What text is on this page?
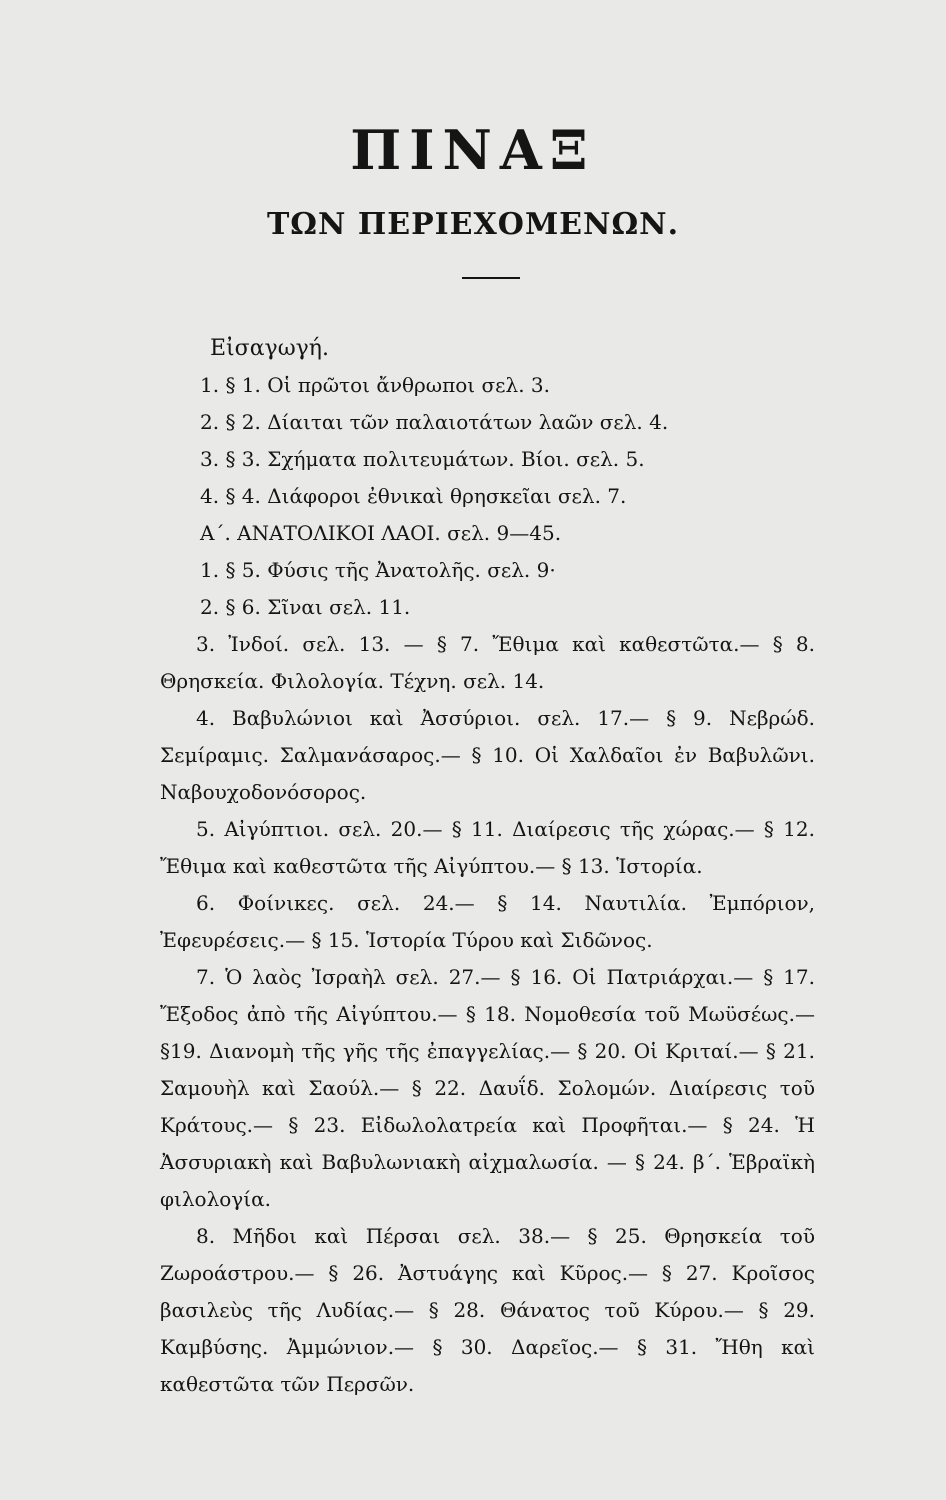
ΠΙΝΑΞ
ΤΩΝ ΠΕΡΙΕΧΟΜΕΝΩΝ.

Εἰσαγωγή.

1. § 1. Οἱ πρῶτοι ἄνθρωποι σελ. 3.

2. § 2. Δίαιται τῶν παλαιοτάτων λαῶν σελ. 4.

3. § 3. Σχήματα πολιτευμάτων. Βίοι. σελ. 5.

4. § 4. Διάφοροι ἐθνικαὶ θρησκεῖαι σελ. 7.

Α΄. ΑΝΑΤΟΛΙΚΟΙ ΛΑΟΙ. σελ. 9—45.

1. § 5. Φύσις τῆς Ἀνατολῆς. σελ. 9·

2. § 6. Σῖναι σελ. 11.

3. Ἰνδοί. σελ. 13. — § 7. Ἔθιμα καὶ καθεστῶτα.— § 8. Θρησκεία. Φιλολογία. Τέχνη. σελ. 14.

4. Βαβυλώνιοι καὶ Ἀσσύριοι. σελ. 17.— § 9. Νεβρώδ. Σεμίραμις. Σαλμανάσαρος.— § 10. Οἱ Χαλδαῖοι ἐν Βαβυλῶνι. Ναβουχοδονόσορος.

5. Αἰγύπτιοι. σελ. 20.— § 11. Διαίρεσις τῆς χώρας.— § 12. Ἔθιμα καὶ καθεστῶτα τῆς Αἰγύπτου.— § 13. Ἱστορία.

6. Φοίνικες. σελ. 24.— § 14. Ναυτιλία. Ἐμπόριον, Ἐφευρέσεις.— § 15. Ἱστορία Τύρου καὶ Σιδῶνος.

7. Ὁ λαὸς Ἰσραὴλ σελ. 27.— § 16. Οἱ Πατριάρχαι.— § 17. Ἔξοδος ἀπὸ τῆς Αἰγύπτου.— § 18. Νομοθεσία τοῦ Μωϋσέως.— §19. Διανομὴ τῆς γῆς τῆς ἐπαγγελίας.— § 20. Οἱ Κριταί.— § 21. Σαμουὴλ καὶ Σαούλ.— § 22. Δαυΐδ. Σολομών. Διαίρεσις τοῦ Κράτους.— § 23. Εἰδωλολατρεία καὶ Προφῆται.— § 24. Ἡ Ἀσσυριακὴ καὶ Βαβυλωνιακὴ αἰχμαλωσία. — § 24. β΄. Ἑβραϊκὴ φιλολογία.

8. Μῆδοι καὶ Πέρσαι σελ. 38.— § 25. Θρησκεία τοῦ Ζωροάστρου.— § 26. Ἀστυάγης καὶ Κῦρος.— § 27. Κροῖσος βασιλεὺς τῆς Λυδίας.— § 28. Θάνατος τοῦ Κύρου.— § 29. Καμβύσης. Ἀμμώνιον.— § 30. Δαρεῖος.— § 31. Ἤθη καὶ καθεστῶτα τῶν Περσῶν.
